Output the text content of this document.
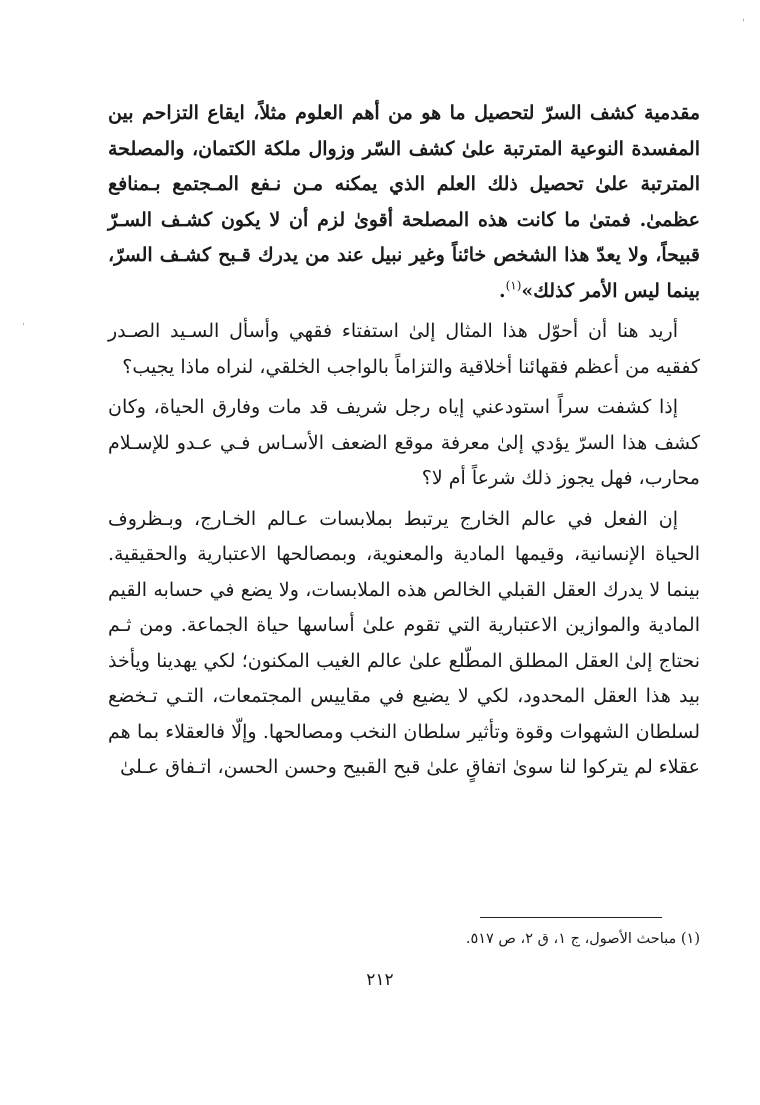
'
'

مقدمية كشف السرّ لتحصيل ما هو من أهم العلوم مثلاً، ايقاع التزاحم بين المفسدة النوعية المترتبة علىٰ كشف السّر وزوال ملكة الكتمان، والمصلحة المترتبة علىٰ تحصيل ذلك العلم الذي يمكنه مـن نـفع المـجتمع بـمنافع عظمىٰ. فمتىٰ ما كانت هذه المصلحة أقوىٰ لزم أن لا يكون كشـف السـرّ قبيحاً، ولا يعدّ هذا الشخص خائناً وغير نبيل عند من يدرك قـبح كشـف السرّ، بينما ليس الأمر كذلك»$^{(١)}$.

أريد هنا أن أحوّل هذا المثال إلىٰ استفتاء فقهي وأسأل السـيد الصـدر كفقيه من أعظم فقهائنا أخلاقية والتزاماً بالواجب الخلقي، لنراه ماذا يجيب؟

إذا كشفت سراً استودعني إياه رجل شريف قد مات وفارق الحياة، وكان كشف هذا السرّ يؤدي إلىٰ معرفة موقع الضعف الأسـاس فـي عـدو للإسـلام محارب، فهل يجوز ذلك شرعاً أم لا؟

إن الفعل في عالم الخارج يرتبط بملابسات عـالم الخـارج، وبـظروف الحياة الإنسانية، وقيمها المادية والمعنوية، وبمصالحها الاعتبارية والحقيقية. بينما لا يدرك العقل القبلي الخالص هذه الملابسات، ولا يضع في حسابه القيم المادية والموازين الاعتبارية التي تقوم علىٰ أساسها حياة الجماعة. ومن ثـم نحتاج إلىٰ العقل المطلق المطّلع علىٰ عالم الغيب المكنون؛ لكي يهدينا ويأخذ بيد هذا العقل المحدود، لكي لا يضيع في مقاييس المجتمعات، التـي تـخضع لسلطان الشهوات وقوة وتأثير سلطان النخب ومصالحها. وإلّا فالعقلاء بما هم عقلاء لم يتركوا لنا سوىٰ اتفاقٍ علىٰ قبح القبيح وحسن الحسن، اتـفاق عـلىٰ

(١) مباحث الأصول، ج ١، ق ٢، ص ٥١٧.
٢١٢
